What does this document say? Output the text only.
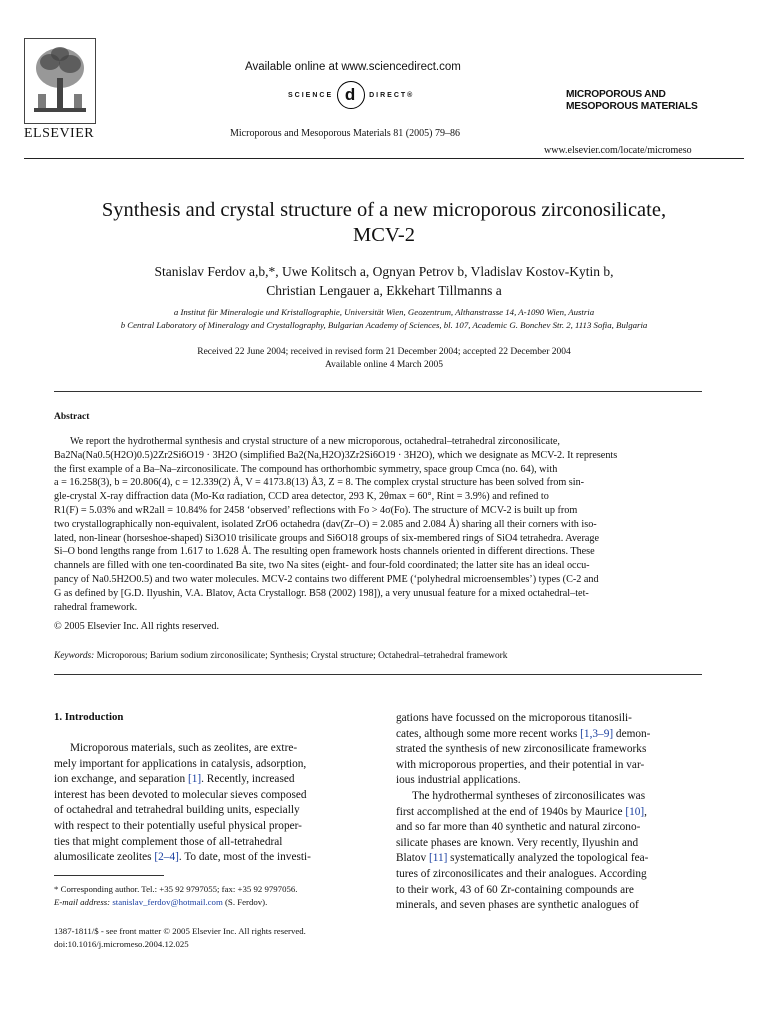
ELSEVIER
Available online at www.sciencedirect.com
SCIENCE d	DIRECT®
Microporous and Mesoporous Materials 81 (2005) 79–86
MICROPOROUS AND
MESOPOROUS MATERIALS
www.elsevier.com/locate/micromeso
Synthesis and crystal structure of a new microporous zirconosilicate,
MCV-2
Stanislav Ferdov a,b,*, Uwe Kolitsch a, Ognyan Petrov b, Vladislav Kostov-Kytin b,
Christian Lengauer a, Ekkehart Tillmanns a
a Institut für Mineralogie und Kristallographie, Universität Wien, Geozentrum, Althanstrasse 14, A-1090 Wien, Austria
b Central Laboratory of Mineralogy and Crystallography, Bulgarian Academy of Sciences, bl. 107, Academic G. Bonchev Str. 2, 1113 Sofia, Bulgaria
Received 22 June 2004; received in revised form 21 December 2004; accepted 22 December 2004
Available online 4 March 2005
Abstract
We report the hydrothermal synthesis and crystal structure of a new microporous, octahedral–tetrahedral zirconosilicate,
Ba2Na(Na0.5(H2O)0.5)2Zr2Si6O19 · 3H2O (simplified Ba2(Na,H2O)3Zr2Si6O19 · 3H2O), which we designate as MCV-2. It represents
the first example of a Ba–Na–zirconosilicate. The compound has orthorhombic symmetry, space group Cmca (no. 64), with
a = 16.258(3), b = 20.806(4), c = 12.339(2) Å, V = 4173.8(13) Å3, Z = 8. The complex crystal structure has been solved from sin-
gle-crystal X-ray diffraction data (Mo-Kα radiation, CCD area detector, 293 K, 2θmax = 60°, Rint = 3.9%) and refined to
R1(F) = 5.03% and wR2all = 10.84% for 2458 ‘observed’ reflections with Fo > 4σ(Fo). The structure of MCV-2 is built up from
two crystallographically non-equivalent, isolated ZrO6 octahedra (dav(Zr–O) = 2.085 and 2.084 Å) sharing all their corners with iso-
lated, non-linear (horseshoe-shaped) Si3O10 trisilicate groups and Si6O18 groups of six-membered rings of SiO4 tetrahedra. Average
Si–O bond lengths range from 1.617 to 1.628 Å. The resulting open framework hosts channels oriented in different directions. These
channels are filled with one ten-coordinated Ba site, two Na sites (eight- and four-fold coordinated; the latter site has an ideal occu-
pancy of Na0.5H2O0.5) and two water molecules. MCV-2 contains two different PME (‘polyhedral microensembles’) types (C-2 and
G as defined by [G.D. Ilyushin, V.A. Blatov, Acta Crystallogr. B58 (2002) 198]), a very unusual feature for a mixed octahedral–tet-
rahedral framework.
© 2005 Elsevier Inc. All rights reserved.
Keywords: Microporous; Barium sodium zirconosilicate; Synthesis; Crystal structure; Octahedral–tetrahedral framework
1. Introduction
Microporous materials, such as zeolites, are extre-
mely important for applications in catalysis, adsorption,
ion exchange, and separation [1]. Recently, increased
interest has been devoted to molecular sieves composed
of octahedral and tetrahedral building units, especially
with respect to their potentially useful physical proper-
ties that might complement those of all-tetrahedral
alumosilicate zeolites [2–4]. To date, most of the investi-

gations have focussed on the microporous titanosili-
cates, although some more recent works [1,3–9] demon-
strated the synthesis of new zirconosilicate frameworks
with microporous properties, and their potential in var-
ious industrial applications.

The hydrothermal syntheses of zirconosilicates was
first accomplished at the end of 1940s by Maurice [10],
and so far more than 40 synthetic and natural zircono-
silicate phases are known. Very recently, Ilyushin and
Blatov [11] systematically analyzed the topological fea-
tures of zirconosilicates and their analogues. According
to their work, 43 of 60 Zr-containing compounds are
minerals, and seven phases are synthetic analogues of

* Corresponding author. Tel.: +35 92 9797055; fax: +35 92 9797056.
E-mail address: stanislav_ferdov@hotmail.com (S. Ferdov).
1387-1811/$ - see front matter © 2005 Elsevier Inc. All rights reserved.
doi:10.1016/j.micromeso.2004.12.025
